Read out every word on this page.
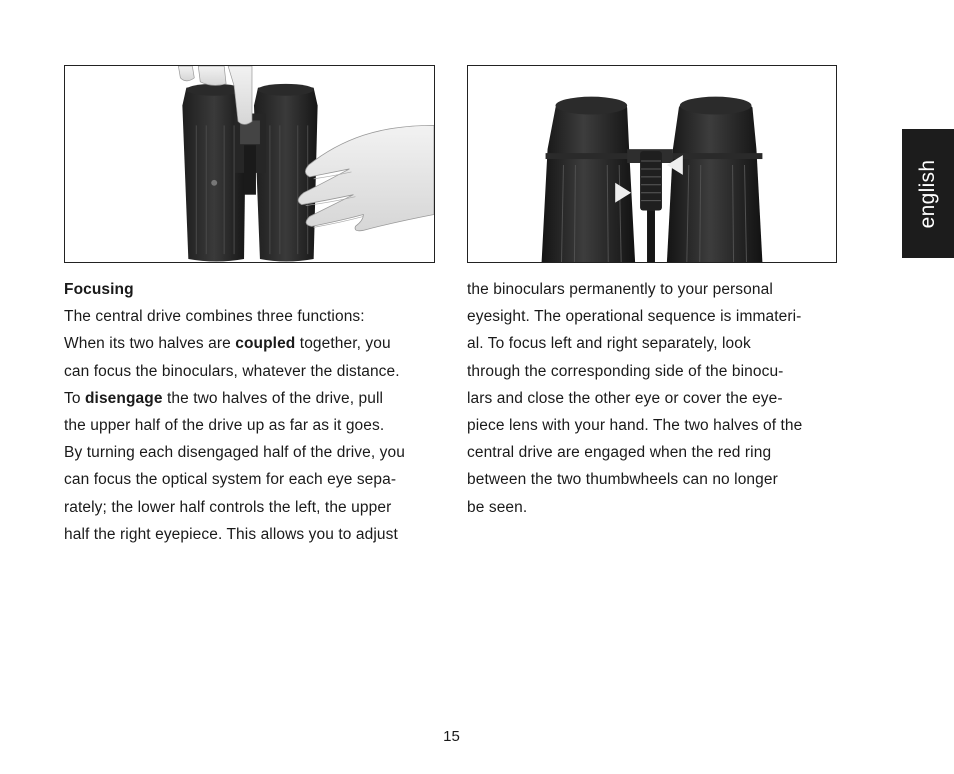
Focusing

The central drive combines three functions:
When its two halves are coupled together, you
can focus the binoculars, whatever the distance.
To disengage the two halves of the drive, pull
the upper half of the drive up as far as it goes.
By turning each disengaged half of the drive, you
can focus the optical system for each eye sepa-
rately; the lower half controls the left, the upper
half the right eyepiece. This allows you to adjust

the binoculars permanently to your personal
eyesight. The operational sequence is immateri-
al. To focus left and right separately, look
through the corresponding side of the binocu-
lars and close the other eye or cover the eye-
piece lens with your hand. The two halves of the
central drive are engaged when the red ring
between the two thumbwheels can no longer
be seen.

english
15
